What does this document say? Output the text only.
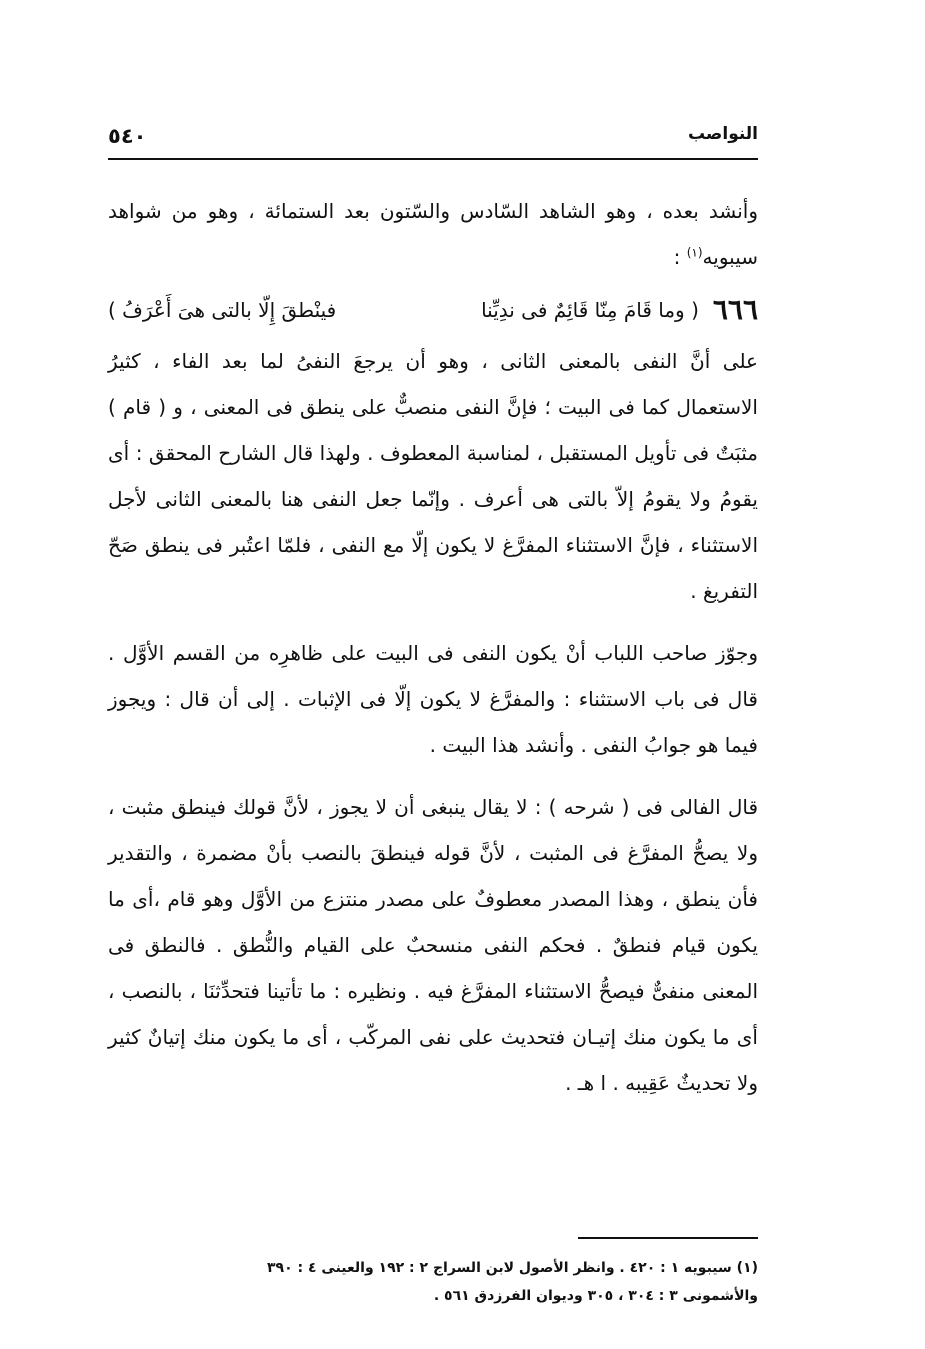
٥٤٠	النواصب

وأنشد بعده ، وهو الشاهد السّادس والسّتون بعد الستمائة ، وهو من شواهد سيبويه$^{(١)}$ :

٦٦٦
( وما قَامَ مِنّا قَائِمٌ فى ندِيِّنا
فينْطقَ إِلّا بالتى هىَ أَعْرَفُ )

على أنَّ النفى بالمعنى الثانى ، وهو أن يرجعَ النفىُ لما بعد الفاء ، كثيرُ الاستعمال كما فى البيت ؛ فإنَّ النفى منصبٌّ على ينطق فى المعنى ، و ( قام ) مثبَتٌ فى تأويل المستقبل ، لمناسبة المعطوف . ولهذا قال الشارح المحقق : أى يقومُ ولا يقومُ إلاّ بالتى هى أعرف . وإنّما جعل النفى هنا بالمعنى الثانى لأجل الاستثناء ، فإنَّ الاستثناء المفرَّغ لا يكون إلّا مع النفى ، فلمّا اعتُبر فى ينطق صَحّ التفريغ .

وجوّز صاحب اللباب أنْ يكون النفى فى البيت على ظاهرِه من القسم الأوَّل . قال فى باب الاستثناء : والمفرَّغ لا يكون إلّا فى الإثبات . إلى أن قال : ويجوز فيما هو جوابُ النفى . وأنشد هذا البيت .

قال الفالى فى ( شرحه ) : لا يقال ينبغى أن لا يجوز ، لأنَّ قولك فينطق مثبت ، ولا يصحُّ المفرَّغ فى المثبت ، لأنَّ قوله فينطقَ بالنصب بأنْ مضمرة ، والتقدير فأن ينطق ، وهذا المصدر معطوفٌ على مصدر منتزع من الأوَّل وهو قام ،أى ما يكون قيام فنطقٌ . فحكم النفى منسحبٌ على القيام والنُّطق . فالنطق فى المعنى منفىٌّ فيصحُّ الاستثناء المفرَّغ فيه . ونظيره : ما تأتينا فتحدِّثنَا ، بالنصب ، أى ما يكون منك إتيـان فتحديث على نفى المركّب ، أى ما يكون منك إتيانٌ كثير ولا تحديثٌ عَقِيبه . ا هـ .

(١) سيبويه ١ : ٤٢٠ . وانظر الأصول لابن السراج ٢ : ١٩٢ والعينى ٤ : ٣٩٠

والأشمونى ٣ : ٣٠٤ ، ٣٠٥ وديوان الفرزدق ٥٦١ .
